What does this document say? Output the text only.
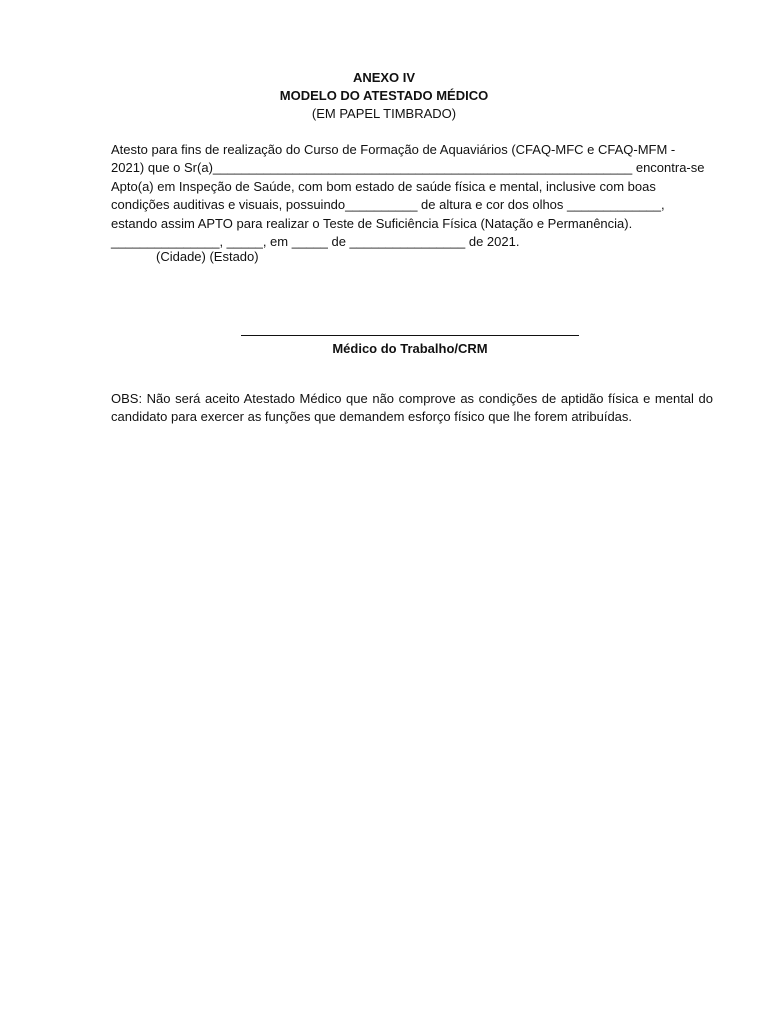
ANEXO IV

MODELO DO ATESTADO MÉDICO

(EM PAPEL TIMBRADO)

Atesto para fins de realização do Curso de Formação de Aquaviários (CFAQ-MFC e CFAQ-MFM -

2021) que o Sr(a)__________________________________________________________ encontra-se

Apto(a) em Inspeção de Saúde, com bom estado de saúde física e mental, inclusive com boas

condições auditivas e visuais, possuindo__________ de altura e cor dos olhos _____________,

estando assim APTO para realizar o Teste de Suficiência Física (Natação e Permanência).

_______________, _____, em _____ de ________________ de 2021.

(Cidade) (Estado)
Médico do Trabalho/CRM
OBS: Não será aceito Atestado Médico que não comprove as condições de aptidão física e mental do candidato para exercer as funções que demandem esforço físico que lhe forem atribuídas.
